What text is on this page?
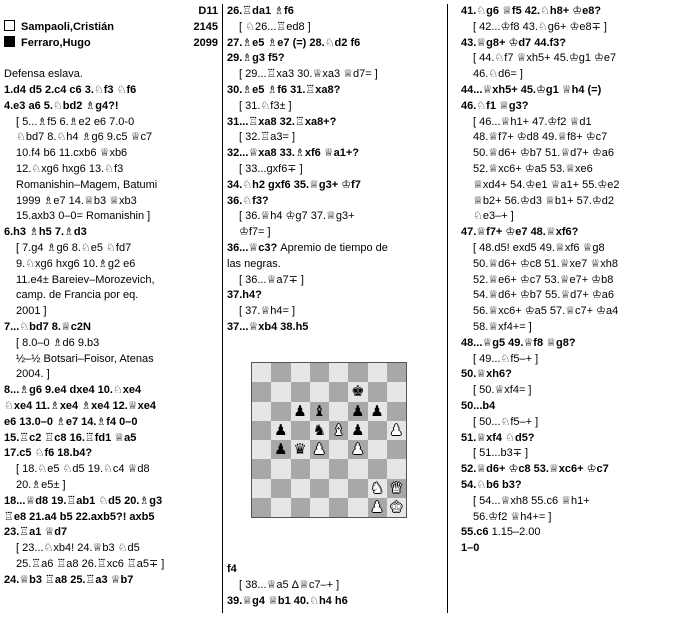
D11
Sampaoli,Cristián	2145
Ferraro,Hugo	2099
Defensa eslava.
1.d4 d5 2.c4 c6 3.♘f3 ♘f6
4.e3 a6 5.♘bd2 ♗g4?!
[ 5...♗f5 6.♗e2 e6 7.0-0
♘bd7 8.♘h4 ♗g6 9.c5 ♕c7
10.f4 b6 11.cxb6 ♕xb6
12.♘xg6 hxg6 13.♘f3
Romanishin–Magem, Batumi
1999 ♗e7 14.♕b3 ♕xb3
15.axb3 0–0= Romanishin ]
6.h3 ♗h5 7.♗d3
[ 7.g4 ♗g6 8.♘e5 ♘fd7
9.♘xg6 hxg6 10.♗g2 e6
11.e4± Bareiev–Morozevich,
camp. de Francia por eq.
2001 ]
7...♘bd7 8.♕c2N
[ 8.0–0 ♗d6 9.b3
½–½ Botsari–Foisor, Atenas
2004. ]
8...♗g6 9.e4 dxe4 10.♘xe4
♘xe4 11.♗xe4 ♗xe4 12.♕xe4
e6 13.0–0 ♗e7 14.♗f4 0–0
15.♖c2 ♖c8 16.♖fd1 ♕a5
17.c5 ♘f6 18.b4?
[ 18.♘e5 ♘d5 19.♘c4 ♕d8
20.♗e5± ]
18...♕d8 19.♖ab1 ♘d5 20.♗g3
♖e8 21.a4 b5 22.axb5?! axb5
23.♖a1 ♕d7
[ 23...♘xb4! 24.♕b3 ♘d5
25.♖a6 ♖a8 26.♖xc6 ♖a5∓ ]
24.♕b3 ♖a8 25.♖a3 ♕b7
26.♖da1 ♗f6
[ ♘26...♖ed8 ]
27.♗e5 ♗e7 (=) 28.♘d2 f6
29.♗g3 f5?
[ 29...♖xa3 30.♕xa3 ♕d7= ]
30.♗e5 ♗f6 31.♖xa8?
[ 31.♘f3± ]
31...♖xa8 32.♖xa8+?
[ 32.♖a3= ]
32...♕xa8 33.♗xf6 ♕a1+?
[ 33...gxf6∓ ]
34.♘h2 gxf6 35.♕g3+ ♔f7
36.♘f3?
[ 36.♕h4 ♔g7 37.♕g3+
♔f7= ]
36...♕c3? Apremio de tiempo de
las negras.
[ 36...♕a7∓ ]
37.h4?
[ 37.♕h4= ]
37...♕xb4 38.h5
f4
[ 38...♕a5 Δ♕c7–+ ]
39.♕g4 ♕b1 40.♘h4 h6
41.♘g6 ♕f5 42.♘h8+ ♔e8?
[ 42...♔f8 43.♘g6+ ♔e8∓ ]
43.♕g8+ ♔d7 44.f3?
[ 44.♘f7 ♕xh5+ 45.♔g1 ♔e7
46.♘d6= ]
44...♕xh5+ 45.♔g1 ♕h4 (=)
46.♘f1 ♕g3?
[ 46...♕h1+ 47.♔f2 ♕d1
48.♕f7+ ♔d8 49.♕f8+ ♔c7
50.♕d6+ ♔b7 51.♕d7+ ♔a6
52.♕xc6+ ♔a5 53.♕xe6
♕xd4+ 54.♔e1 ♕a1+ 55.♔e2
♕b2+ 56.♔d3 ♕b1+ 57.♔d2
♘e3–+ ]
47.♕f7+ ♔e7 48.♕xf6?
[ 48.d5! exd5 49.♕xf6 ♕g8
50.♕d6+ ♔c8 51.♕xe7 ♕xh8
52.♕e6+ ♔c7 53.♕e7+ ♔b8
54.♕d6+ ♔b7 55.♕d7+ ♔a6
56.♕xc6+ ♔a5 57.♕c7+ ♔a4
58.♕xf4+= ]
48...♕g5 49.♕f8 ♕g8?
[ 49...♘f5–+ ]
50.♕xh6?
[ 50.♕xf4= ]
50...b4
[ 50...♘f5–+ ]
51.♕xf4 ♘d5?
[ 51...b3∓ ]
52.♕d6+ ♔c8 53.♕xc6+ ♔c7
54.♘b6 b3?
[ 54...♕xh8 55.c6 ♕h1+
56.♔f2 ♕h4+= ]
55.c6 1.15–2.00
1–0
♚
♟ ♝ ♟ ♟
♟ ♞ ♝ ♟ ♟
♟ ♛ ♟ ♟
♞ ♛
♟ ♚
